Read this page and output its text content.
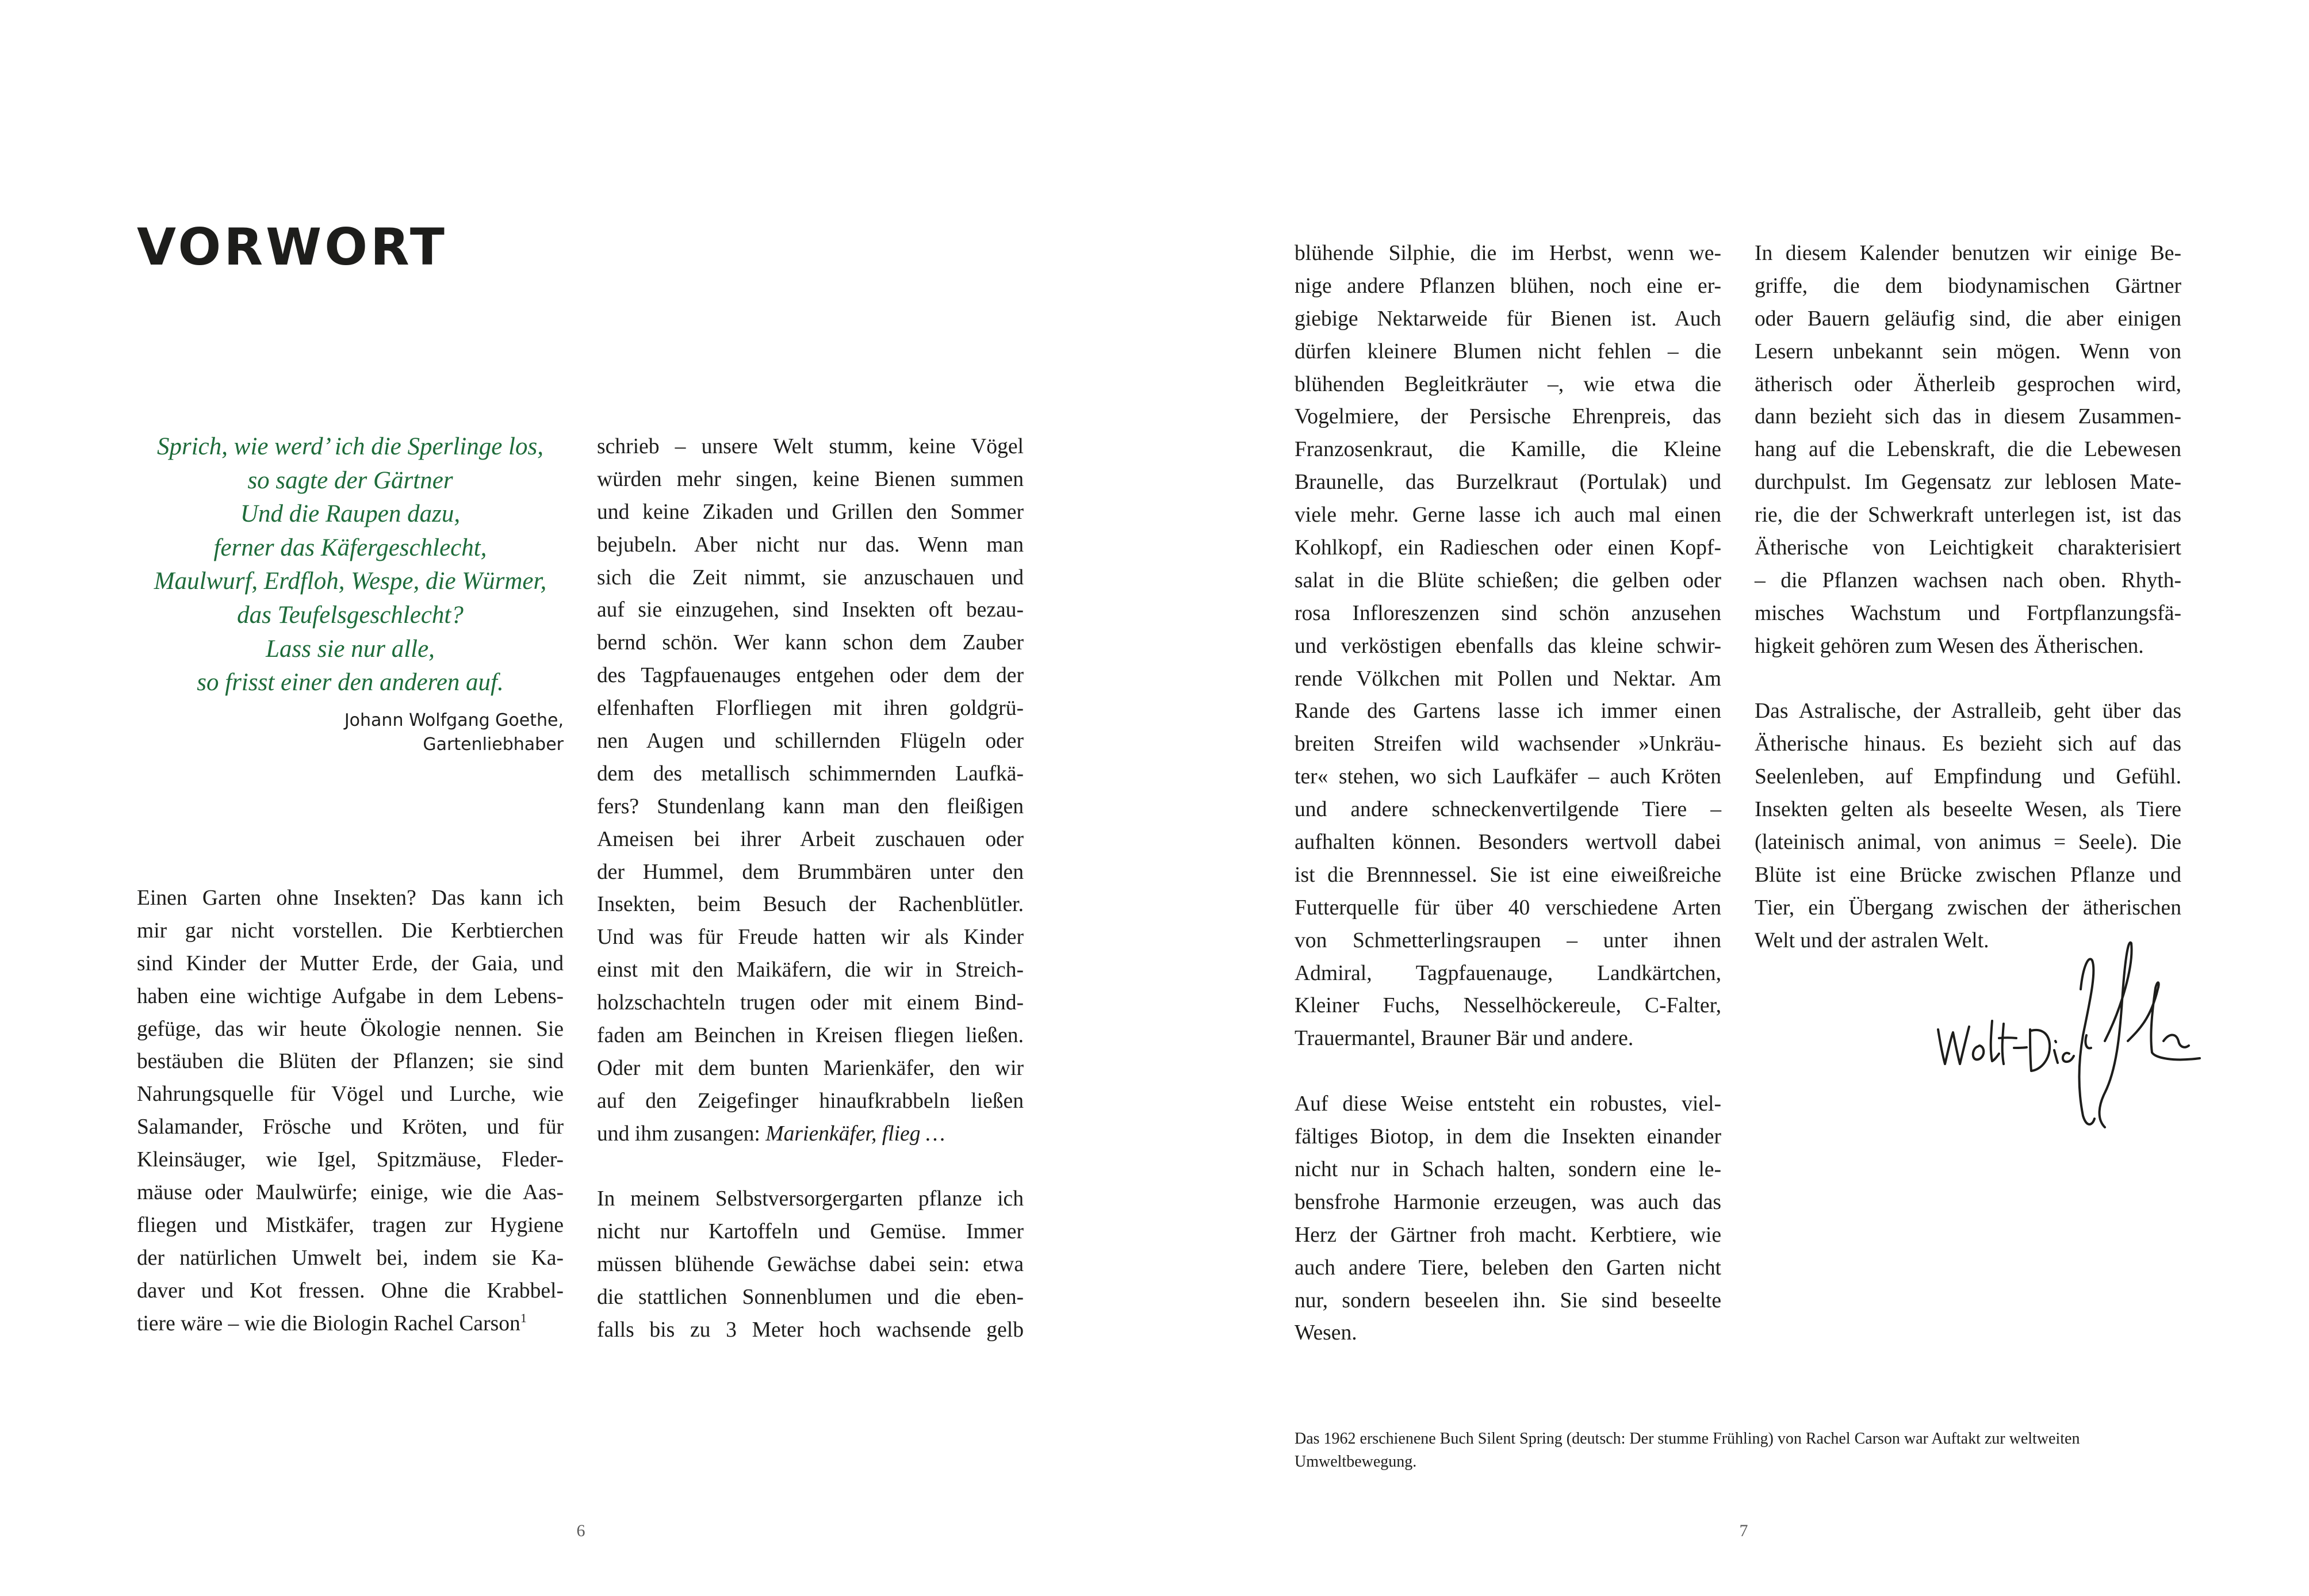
VORWORT
Sprich, wie werd’ ich die Sperlinge los,
so sagte der Gärtner
Und die Raupen dazu,
ferner das Käfergeschlecht,
Maulwurf, Erdfloh, Wespe, die Würmer,
das Teufelsgeschlecht?
Lass sie nur alle,
so frisst einer den anderen auf.
Johann Wolfgang Goethe,
Gartenliebhaber

Einen Garten ohne Insekten? Das kann ich
mir gar nicht vorstellen. Die Kerbtierchen
sind Kinder der Mutter Erde, der Gaia, und
haben eine wichtige Aufgabe in dem Lebens-
gefüge, das wir heute Ökologie nennen. Sie
bestäuben die Blüten der Pflanzen; sie sind
Nahrungsquelle für Vögel und Lurche, wie
Salamander, Frösche und Kröten, und für
Kleinsäuger, wie Igel, Spitzmäuse, Fleder-
mäuse oder Maulwürfe; einige, wie die Aas-
fliegen und Mistkäfer, tragen zur Hygiene
der natürlichen Umwelt bei, indem sie Ka-
daver und Kot fressen. Ohne die Krabbel-
tiere wäre – wie die Biologin Rachel Carson$^1$

schrieb – unsere Welt stumm, keine Vögel
würden mehr singen, keine Bienen summen
und keine Zikaden und Grillen den Sommer
bejubeln. Aber nicht nur das. Wenn man
sich die Zeit nimmt, sie anzuschauen und
auf sie einzugehen, sind Insekten oft bezau-
bernd schön. Wer kann schon dem Zauber
des Tagpfauenauges entgehen oder dem der
elfenhaften Florfliegen mit ihren goldgrü-
nen Augen und schillernden Flügeln oder
dem des metallisch schimmernden Laufkä-
fers? Stundenlang kann man den fleißigen
Ameisen bei ihrer Arbeit zuschauen oder
der Hummel, dem Brummbären unter den
Insekten, beim Besuch der Rachenblütler.
Und was für Freude hatten wir als Kinder
einst mit den Maikäfern, die wir in Streich-
holzschachteln trugen oder mit einem Bind-
faden am Beinchen in Kreisen fliegen ließen.
Oder mit dem bunten Marienkäfer, den wir
auf den Zeigefinger hinaufkrabbeln ließen
und ihm zusangen: Marienkäfer, flieg …

In meinem Selbstversorgergarten pflanze ich
nicht nur Kartoffeln und Gemüse. Immer
müssen blühende Gewächse dabei sein: etwa
die stattlichen Sonnenblumen und die eben-
falls bis zu 3 Meter hoch wachsende gelb

6

blühende Silphie, die im Herbst, wenn we-
nige andere Pflanzen blühen, noch eine er-
giebige Nektarweide für Bienen ist. Auch
dürfen kleinere Blumen nicht fehlen – die
blühenden Begleitkräuter –, wie etwa die
Vogelmiere, der Persische Ehrenpreis, das
Franzosenkraut, die Kamille, die Kleine
Braunelle, das Burzelkraut (Portulak) und
viele mehr. Gerne lasse ich auch mal einen
Kohlkopf, ein Radieschen oder einen Kopf-
salat in die Blüte schießen; die gelben oder
rosa Infloreszenzen sind schön anzusehen
und verköstigen ebenfalls das kleine schwir-
rende Völkchen mit Pollen und Nektar. Am
Rande des Gartens lasse ich immer einen
breiten Streifen wild wachsender »Unkräu-
ter« stehen, wo sich Laufkäfer – auch Kröten
und andere schneckenvertilgende Tiere –
aufhalten können. Besonders wertvoll dabei
ist die Brennnessel. Sie ist eine eiweißreiche
Futterquelle für über 40 verschiedene Arten
von Schmetterlingsraupen – unter ihnen
Admiral, Tagpfauenauge, Landkärtchen,
Kleiner Fuchs, Nesselhöckereule, C-Falter,
Trauermantel, Brauner Bär und andere.

Auf diese Weise entsteht ein robustes, viel-
fältiges Biotop, in dem die Insekten einander
nicht nur in Schach halten, sondern eine le-
bensfrohe Harmonie erzeugen, was auch das
Herz der Gärtner froh macht. Kerbtiere, wie
auch andere Tiere, beleben den Garten nicht
nur, sondern beseelen ihn. Sie sind beseelte
Wesen.

In diesem Kalender benutzen wir einige Be-
griffe, die dem biodynamischen Gärtner
oder Bauern geläufig sind, die aber einigen
Lesern unbekannt sein mögen. Wenn von
ätherisch oder Ätherleib gesprochen wird,
dann bezieht sich das in diesem Zusammen-
hang auf die Lebenskraft, die die Lebewesen
durchpulst. Im Gegensatz zur leblosen Mate-
rie, die der Schwerkraft unterlegen ist, ist das
Ätherische von Leichtigkeit charakterisiert
– die Pflanzen wachsen nach oben. Rhyth-
misches Wachstum und Fortpflanzungsfä-
higkeit gehören zum Wesen des Ätherischen.

Das Astralische, der Astralleib, geht über das
Ätherische hinaus. Es bezieht sich auf das
Seelenleben, auf Empfindung und Gefühl.
Insekten gelten als beseelte Wesen, als Tiere
(lateinisch animal, von animus = Seele). Die
Blüte ist eine Brücke zwischen Pflanze und
Tier, ein Übergang zwischen der ätherischen
Welt und der astralen Welt.

Das 1962 erschienene Buch Silent Spring (deutsch: Der stumme Frühling) von Rachel Carson war Auftakt zur weltweiten Umweltbewegung.
7
